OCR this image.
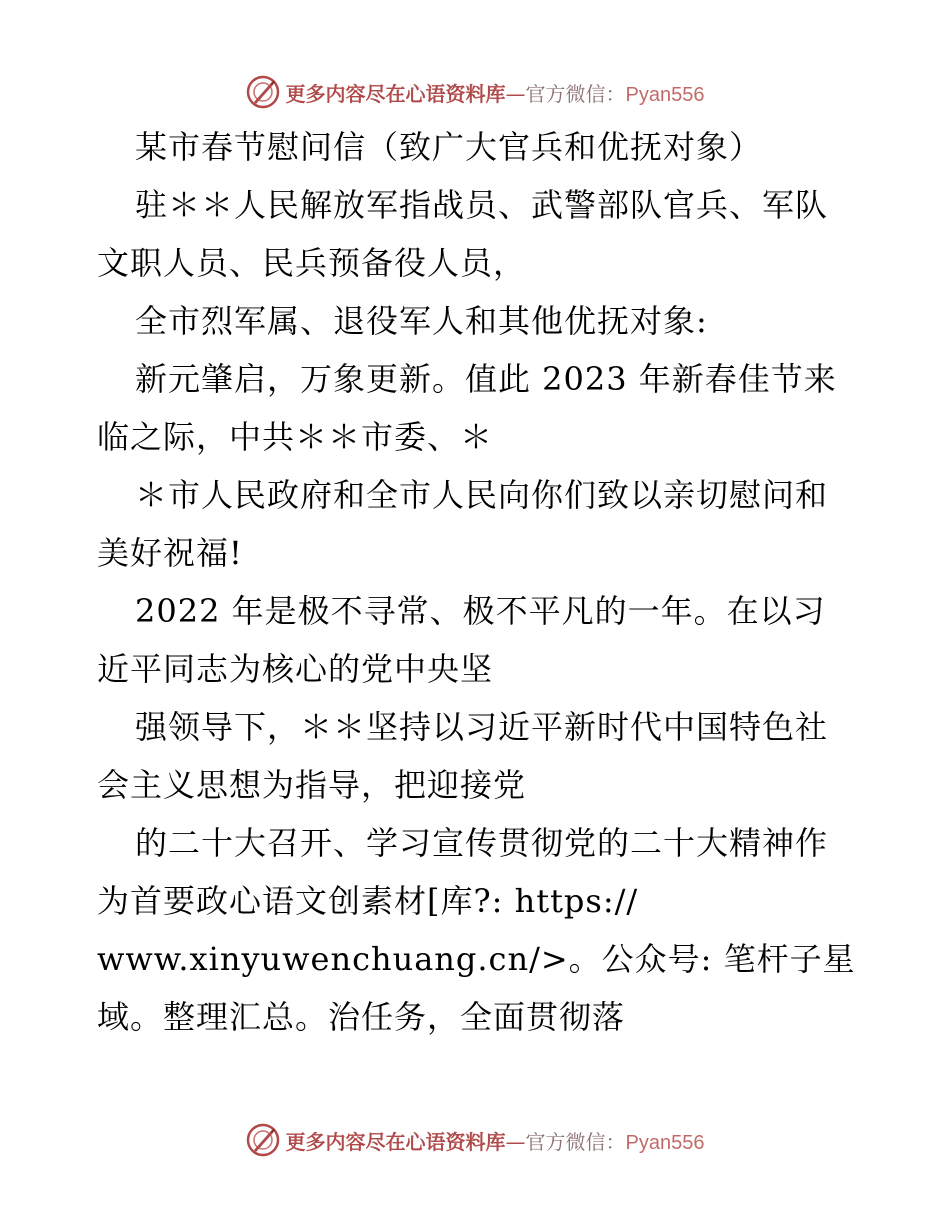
更多内容尽在心语资料库—官方微信：Pyan556
某市春节慰问信（致广大官兵和优抚对象）
驻＊＊人民解放军指战员、武警部队官兵、军队
文职人员、民兵预备役人员，
全市烈军属、退役军人和其他优抚对象:
新元肇启，万象更新。值此 2023 年新春佳节来
临之际，中共＊＊市委、＊
＊市人民政府和全市人民向你们致以亲切慰问和
美好祝福!
2022 年是极不寻常、极不平凡的一年。在以习
近平同志为核心的党中央坚
强领导下，＊＊坚持以习近平新时代中国特色社
会主义思想为指导，把迎接党
的二十大召开、学习宣传贯彻党的二十大精神作
为首要政心语文创素材[库?: https://
www.xinyuwenchuang.cn/>。公众号: 笔杆子星
域。整理汇总。治任务，全面贯彻落
更多内容尽在心语资料库—官方微信：Pyan556
